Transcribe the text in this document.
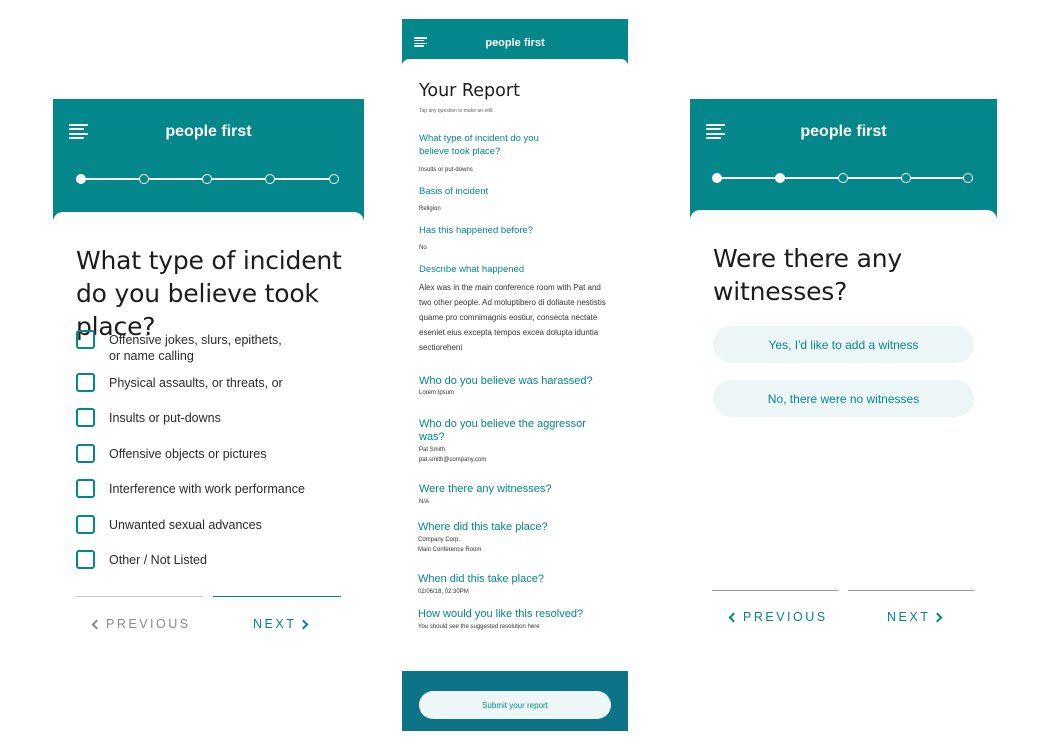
people first
What type of incident do you believe took place?
Offensive jokes, slurs, epithets,
or name calling
Physical assaults, or threats, or
Insults or put-downs
Offensive objects or pictures
Interference with work performance
Unwanted sexual advances
Other / Not Listed
PREVIOUS	NEXT
people first
Your Report
Tap any question to make an edit.
What type of incident do you believe took place?
Insults or put-downs
Basis of incident
Religion
Has this happened before?
No
Describe what happened
Alex was in the main conference room with Pat and two other people. Ad moluptibero di dollaute nestistis quame pro comnimagnis eostiur, consecta nectate eseniet eius excepta tempos excea dolupta iduntia sectioreheni
Who do you believe was harassed?
Lorem Ipsum
Who do you believe the aggressor was?
Pat Smith
pat.smith@company.com
Were there any witnesses?
N/A
Where did this take place?
Company Corp.
Main Conference Room
When did this take place?
02/06/18, 02:30PM
How would you like this resolved?
You should see the suggested resolution here
Submit your report
people first
Were there any witnesses?
Yes, I'd like to add a witness
No, there were no witnesses
PREVIOUS	NEXT
